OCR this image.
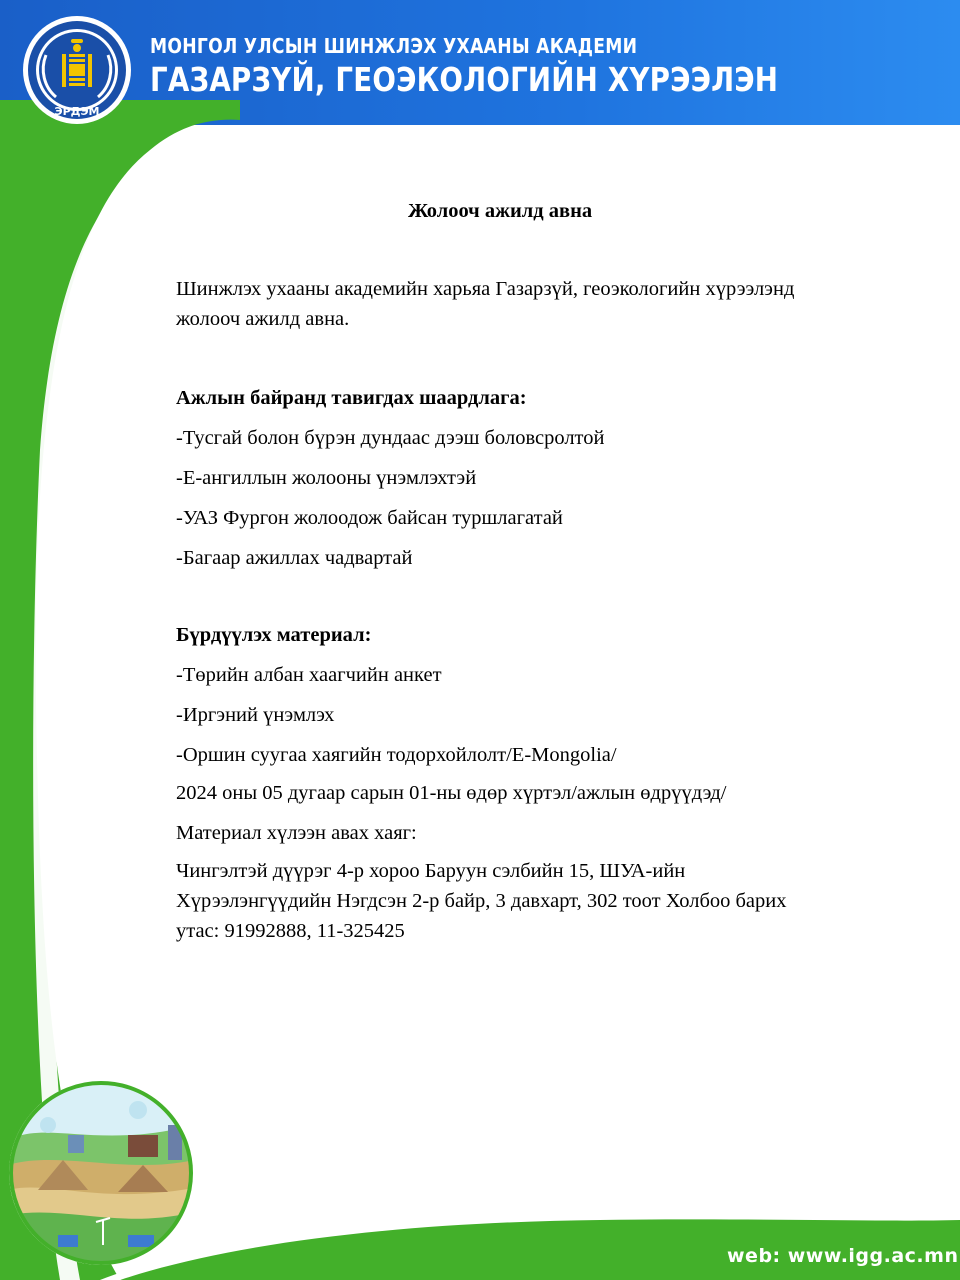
ЭРДЭМ
МОНГОЛ УЛСЫН ШИНЖЛЭХ УХААНЫ АКАДЕМИ
ГАЗАРЗҮЙ, ГЕОЭКОЛОГИЙН ХҮРЭЭЛЭН
Жолооч ажилд авна
Шинжлэх ухааны академийн харьяа Газарзүй, геоэкологийн хүрээлэнд жолооч ажилд авна.
Ажлын байранд тавигдах шаардлага:
-Тусгай болон бүрэн дундаас дээш боловсролтой
-Е-ангиллын жолооны үнэмлэхтэй
-УАЗ Фургон жолоодож байсан туршлагатай
-Багаар ажиллах чадвартай
Бүрдүүлэх материал:
-Төрийн албан хаагчийн анкет
-Иргэний үнэмлэх
-Оршин суугаа хаягийн тодорхойлолт/E-Mongolia/
2024 оны 05 дугаар сарын 01-ны өдөр хүртэл/ажлын өдрүүдэд/
Материал хүлээн авах хаяг:
Чингэлтэй дүүрэг 4-р хороо Баруун сэлбийн 15, ШУА-ийн Хүрээлэнгүүдийн Нэгдсэн 2-р байр, 3 давхарт, 302 тоот Холбоо барих утас: 91992888, 11-325425
web: www.igg.ac.mn
